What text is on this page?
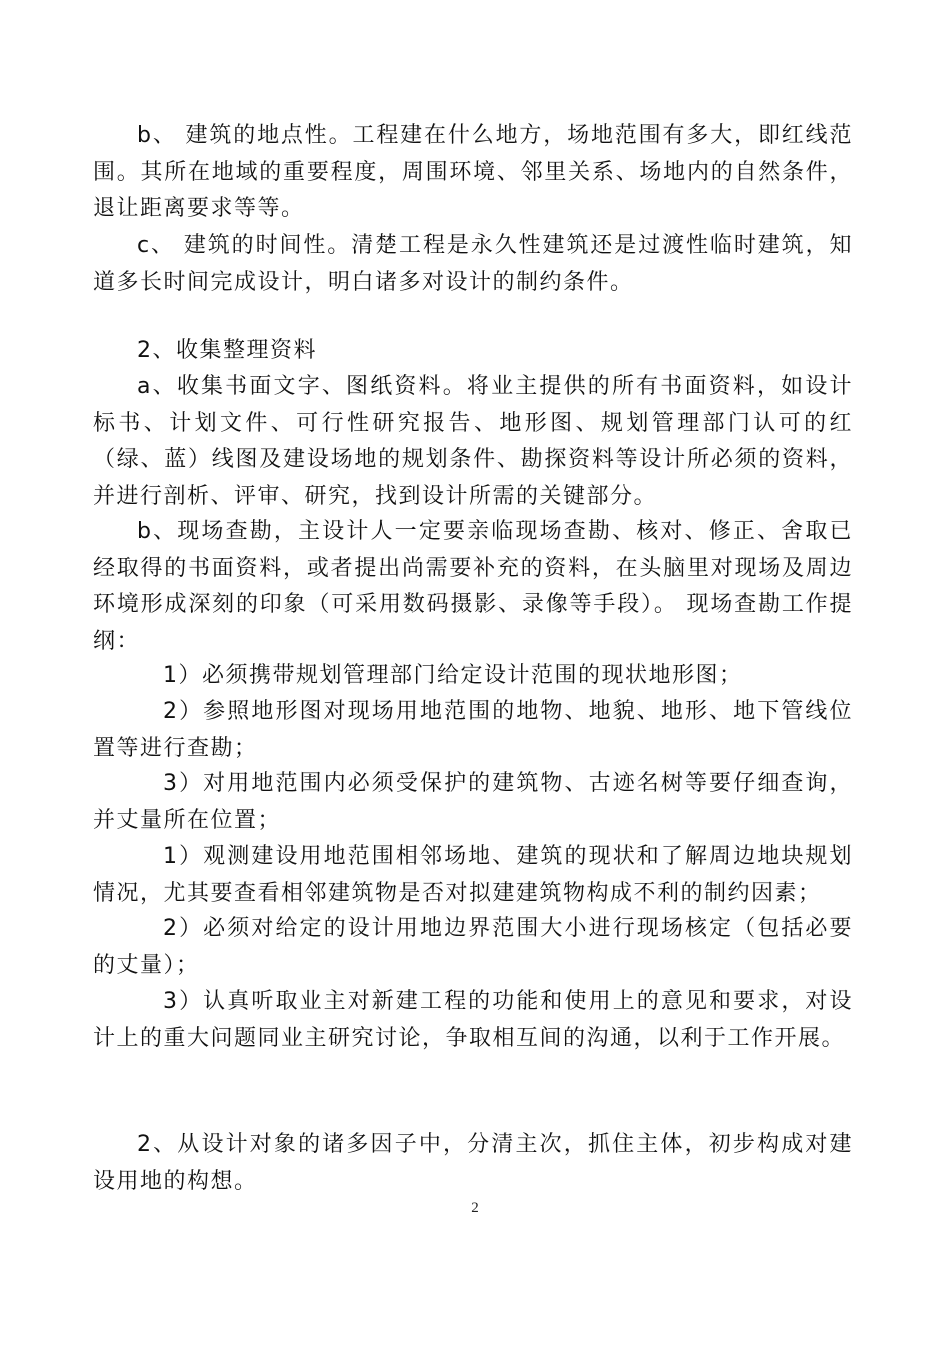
b、 建筑的地点性。工程建在什么地方，场地范围有多大，即红线范围。其所在地域的重要程度，周围环境、邻里关系、场地内的自然条件，退让距离要求等等。

c、 建筑的时间性。清楚工程是永久性建筑还是过渡性临时建筑，知道多长时间完成设计，明白诸多对设计的制约条件。

2、收集整理资料

a、收集书面文字、图纸资料。将业主提供的所有书面资料，如设计标书、计划文件、可行性研究报告、地形图、规划管理部门认可的红（绿、蓝）线图及建设场地的规划条件、勘探资料等设计所必须的资料，并进行剖析、评审、研究，找到设计所需的关键部分。

b、现场查勘，主设计人一定要亲临现场查勘、核对、修正、舍取已经取得的书面资料，或者提出尚需要补充的资料，在头脑里对现场及周边环境形成深刻的印象（可采用数码摄影、录像等手段）。 现场查勘工作提纲：

1）必须携带规划管理部门给定设计范围的现状地形图；

2）参照地形图对现场用地范围的地物、地貌、地形、地下管线位置等进行查勘；

3）对用地范围内必须受保护的建筑物、古迹名树等要仔细查询，并丈量所在位置；

1）观测建设用地范围相邻场地、建筑的现状和了解周边地块规划情况，尤其要查看相邻建筑物是否对拟建建筑物构成不利的制约因素；

2）必须对给定的设计用地边界范围大小进行现场核定（包括必要的丈量）；

3）认真听取业主对新建工程的功能和使用上的意见和要求，对设计上的重大问题同业主研究讨论，争取相互间的沟通，以利于工作开展。

2、从设计对象的诸多因子中，分清主次，抓住主体，初步构成对建设用地的构想。

2
